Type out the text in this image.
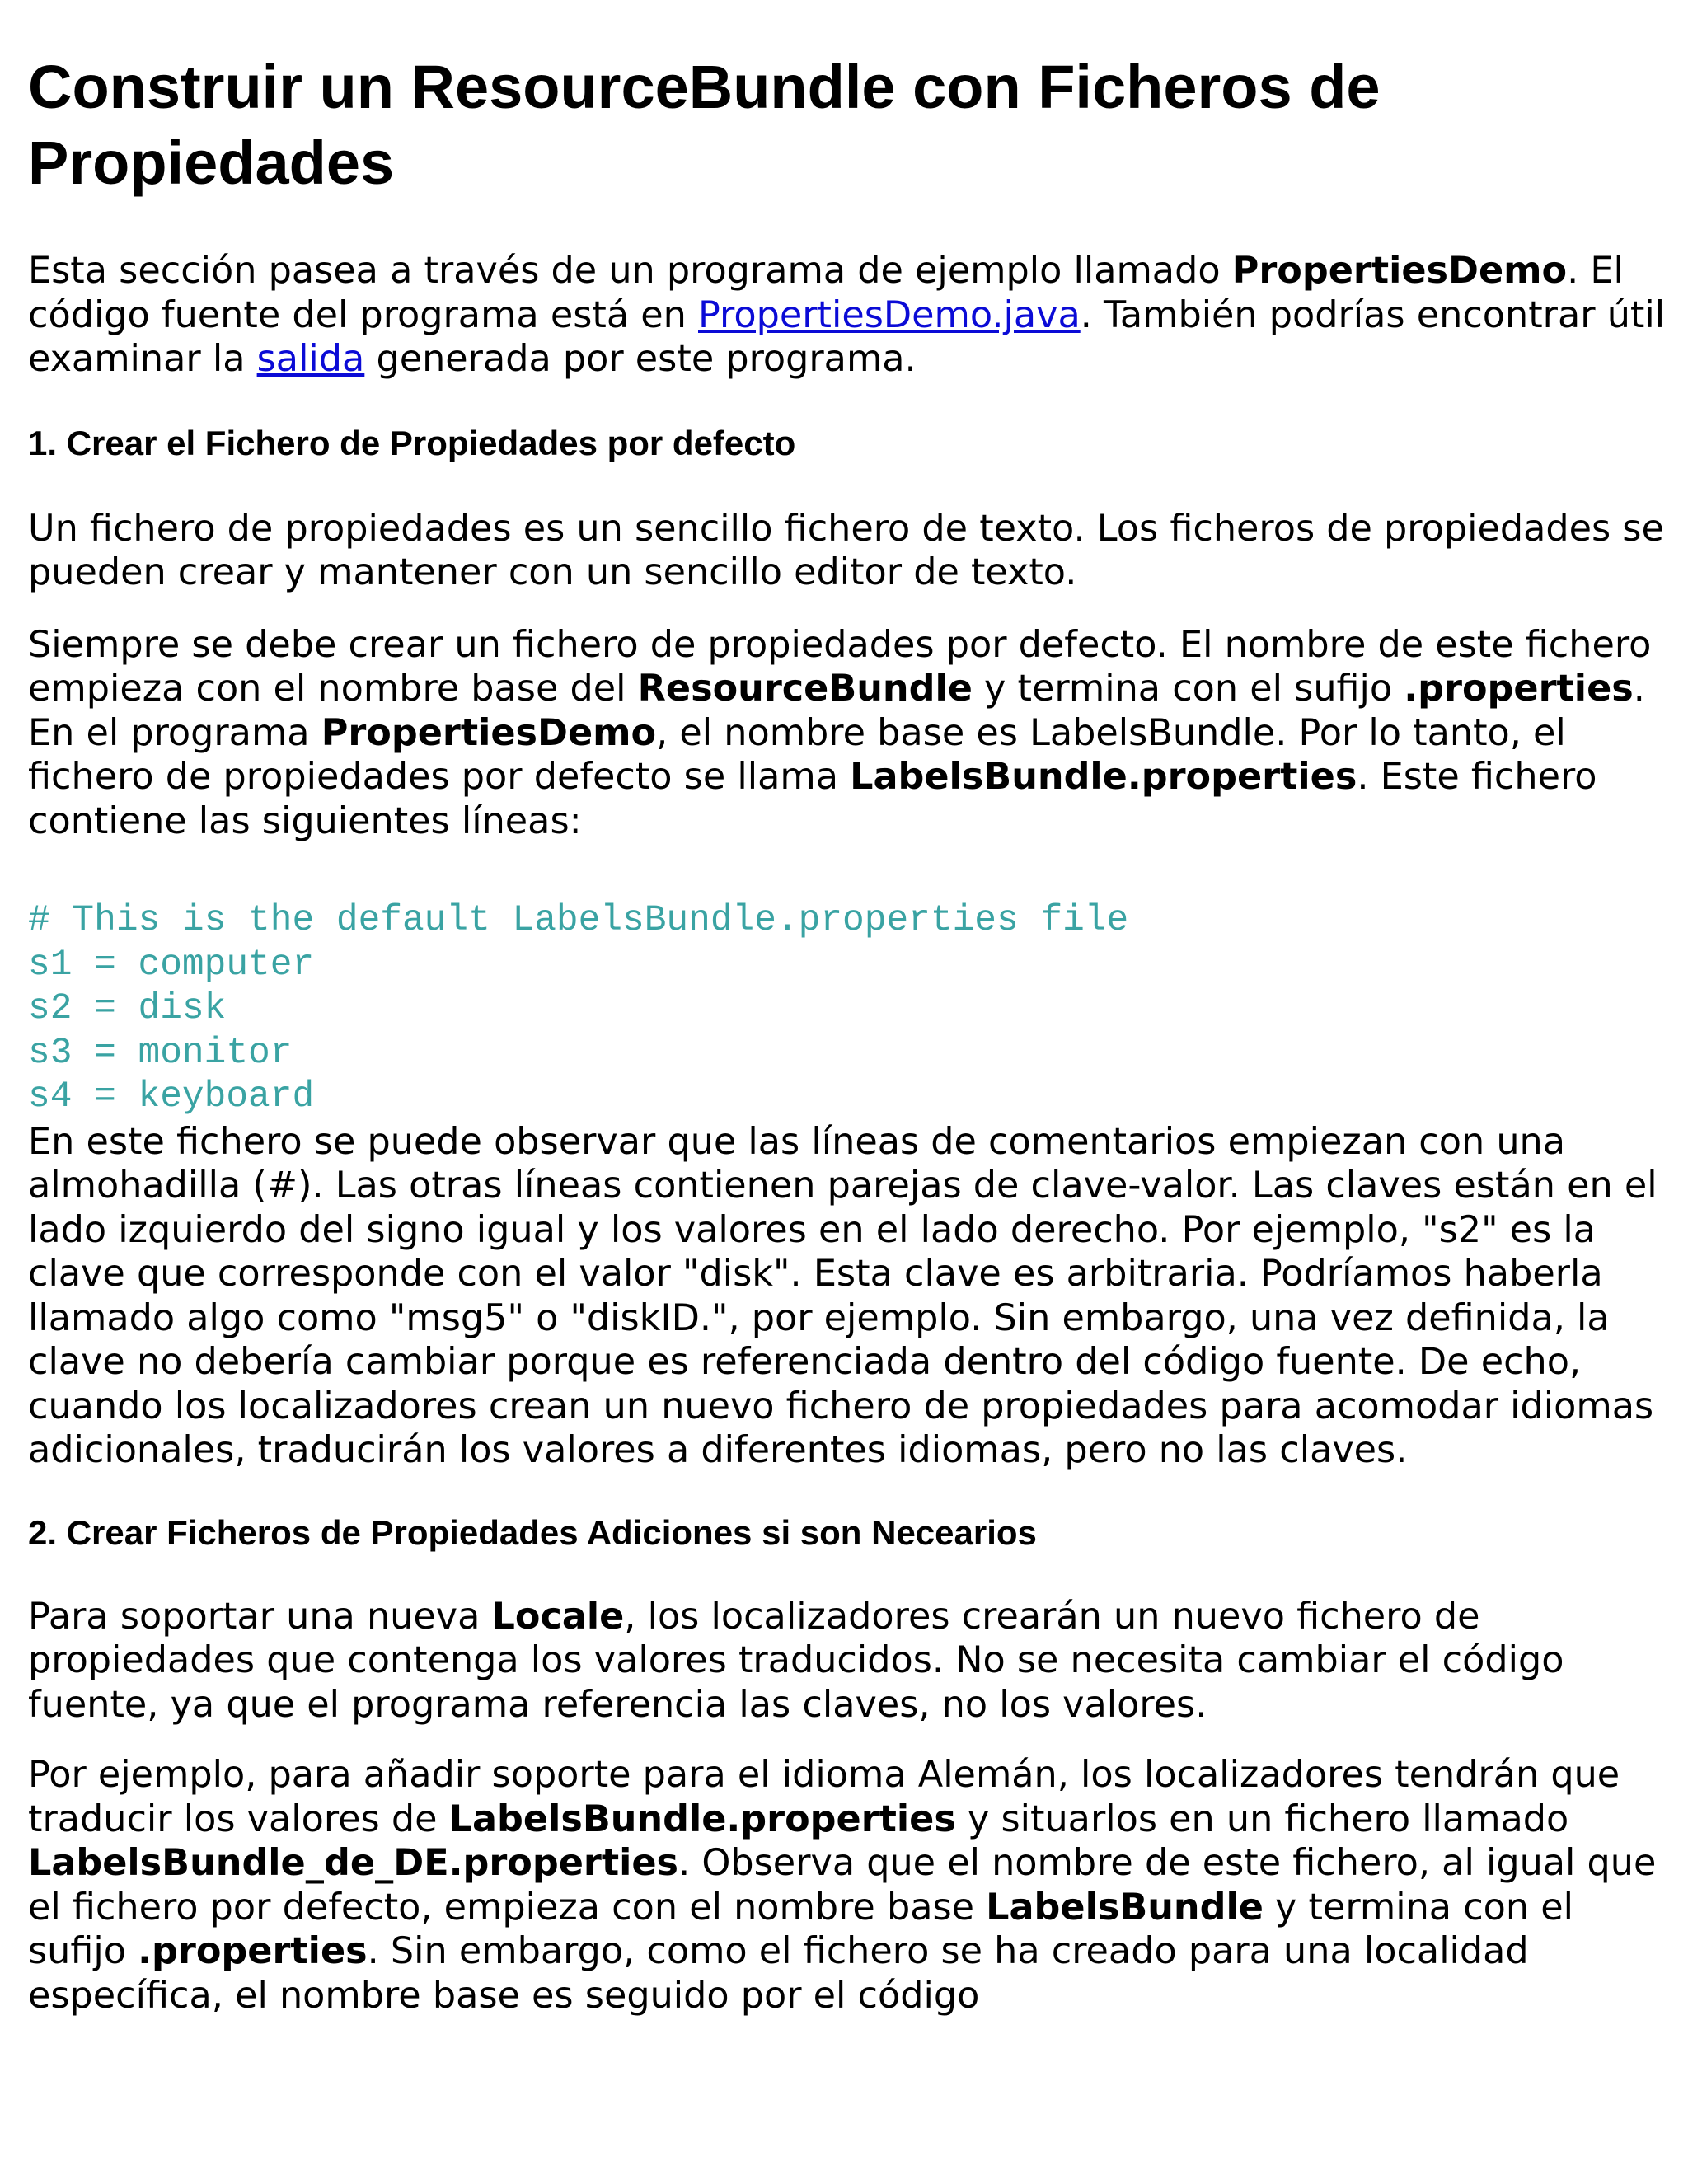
Construir un ResourceBundle con Ficheros de Propiedades

Esta sección pasea a través de un programa de ejemplo llamado PropertiesDemo. El código fuente del programa está en PropertiesDemo.java. También podrías encontrar útil examinar la salida generada por este programa.

1. Crear el Fichero de Propiedades por defecto

Un fichero de propiedades es un sencillo fichero de texto. Los ficheros de propiedades se pueden crear y mantener con un sencillo editor de texto.

Siempre se debe crear un fichero de propiedades por defecto. El nombre de este fichero empieza con el nombre base del ResourceBundle y termina con el sufijo .properties. En el programa PropertiesDemo, el nombre base es LabelsBundle. Por lo tanto, el fichero de propiedades por defecto se llama LabelsBundle.properties. Este fichero contiene las siguientes líneas:

# This is the default LabelsBundle.properties file
s1 = computer
s2 = disk
s3 = monitor
s4 = keyboard

En este fichero se puede observar que las líneas de comentarios empiezan con una almohadilla (#). Las otras líneas contienen parejas de clave-valor. Las claves están en el lado izquierdo del signo igual y los valores en el lado derecho. Por ejemplo, "s2" es la clave que corresponde con el valor "disk". Esta clave es arbitraria. Podríamos haberla llamado algo como "msg5" o "diskID.", por ejemplo. Sin embargo, una vez definida, la clave no debería cambiar porque es referenciada dentro del código fuente. De echo, cuando los localizadores crean un nuevo fichero de propiedades para acomodar idiomas adicionales, traducirán los valores a diferentes idiomas, pero no las claves.

2. Crear Ficheros de Propiedades Adiciones si son Necearios

Para soportar una nueva Locale, los localizadores crearán un nuevo fichero de propiedades que contenga los valores traducidos. No se necesita cambiar el código fuente, ya que el programa referencia las claves, no los valores.

Por ejemplo, para añadir soporte para el idioma Alemán, los localizadores tendrán que traducir los valores de LabelsBundle.properties y situarlos en un fichero llamado LabelsBundle_de_DE.properties. Observa que el nombre de este fichero, al igual que el fichero por defecto, empieza con el nombre base LabelsBundle y termina con el sufijo .properties. Sin embargo, como el fichero se ha creado para una localidad específica, el nombre base es seguido por el código
